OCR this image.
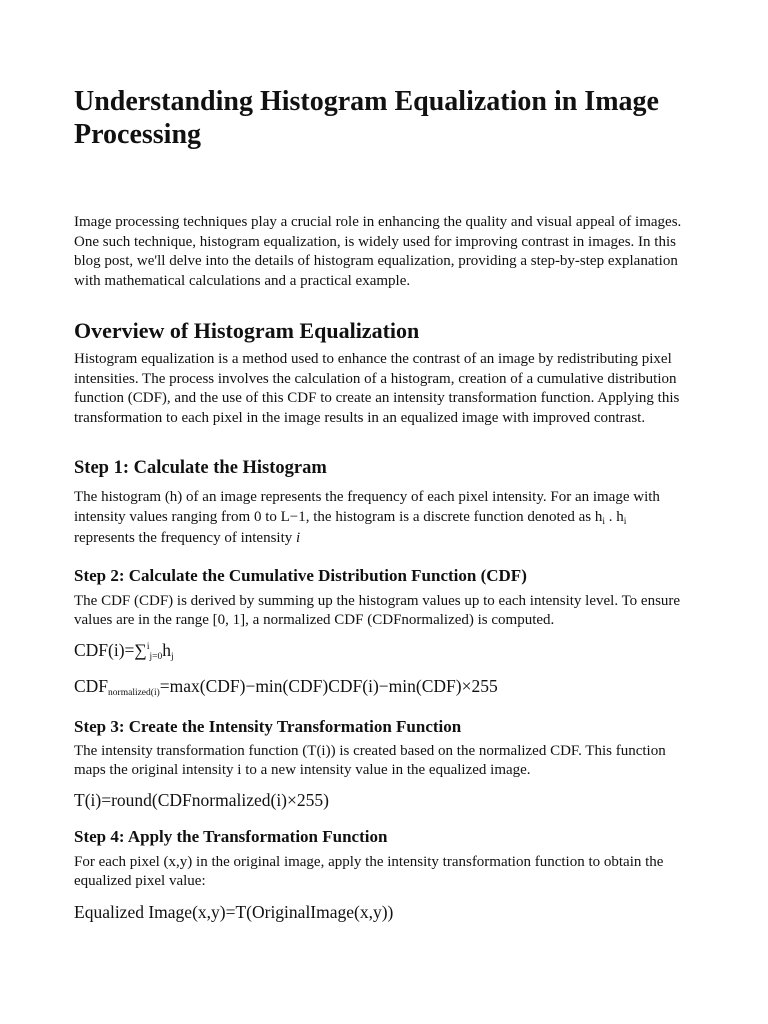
Understanding Histogram Equalization in Image Processing

Image processing techniques play a crucial role in enhancing the quality and visual appeal of images. One such technique, histogram equalization, is widely used for improving contrast in images. In this blog post, we'll delve into the details of histogram equalization, providing a step-by-step explanation with mathematical calculations and a practical example.

Overview of Histogram Equalization

Histogram equalization is a method used to enhance the contrast of an image by redistributing pixel intensities. The process involves the calculation of a histogram, creation of a cumulative distribution function (CDF), and the use of this CDF to create an intensity transformation function. Applying this transformation to each pixel in the image results in an equalized image with improved contrast.

Step 1: Calculate the Histogram

The histogram (h) of an image represents the frequency of each pixel intensity. For an image with intensity values ranging from 0 to L−1, the histogram is a discrete function denoted as $h_i$ . $h_i$
represents the frequency of intensity i

Step 2: Calculate the Cumulative Distribution Function (CDF)

The CDF (CDF) is derived by summing up the histogram values up to each intensity level. To ensure values are in the range [0, 1], a normalized CDF (CDFnormalized) is computed.

CDF(i)=∑$^i$j=0hj
CDFnormalized(i)=max(CDF)−min(CDF)CDF(i)−min(CDF)×255
Step 3: Create the Intensity Transformation Function

The intensity transformation function (T(i)) is created based on the normalized CDF. This function maps the original intensity i to a new intensity value in the equalized image.

T(i)=round(CDFnormalized(i)×255)
Step 4: Apply the Transformation Function

For each pixel (x,y) in the original image, apply the intensity transformation function to obtain the equalized pixel value:

Equalized Image(x,y)=T(OriginalImage(x,y))
